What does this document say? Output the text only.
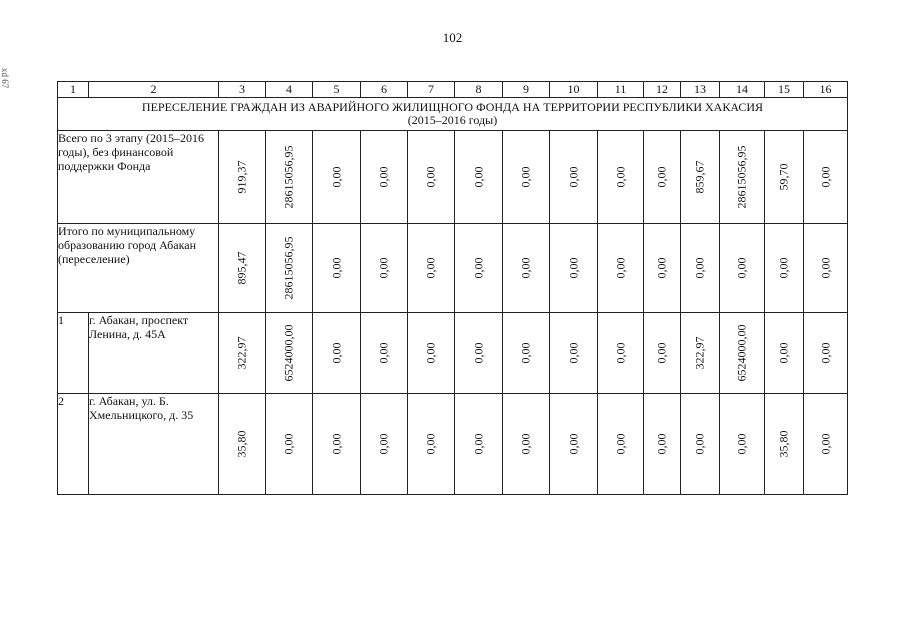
102
xd 67
1	2	3	4	5	6	7	8	9	10	11	12	13	14	15	16

ПЕРЕСЕЛЕНИЕ ГРАЖДАН ИЗ АВАРИЙНОГО ЖИЛИЩНОГО ФОНДА НА ТЕРРИТОРИИ РЕСПУБЛИКИ ХАКАСИЯ
(2015–2016 годы)															

Всего по 3 этапу (2015–2016 годы), без финансовой поддержки Фонда		919,37	28615056,95	0,00	0,00	0,00	0,00	0,00	0,00	0,00	0,00	859,67	28615056,95	59,70	0,00

Итого по муниципальному образованию город Абакан (переселение)		895,47	28615056,95	0,00	0,00	0,00	0,00	0,00	0,00	0,00	0,00	0,00	0,00	0,00	0,00

1	г. Абакан, проспект Ленина, д. 45А	322,97	6524000,00	0,00	0,00	0,00	0,00	0,00	0,00	0,00	0,00	322,97	6524000,00	0,00	0,00

2	г. Абакан, ул. Б. Хмельницкого, д. 35	35,80	0,00	0,00	0,00	0,00	0,00	0,00	0,00	0,00	0,00	0,00	0,00	35,80	0,00
